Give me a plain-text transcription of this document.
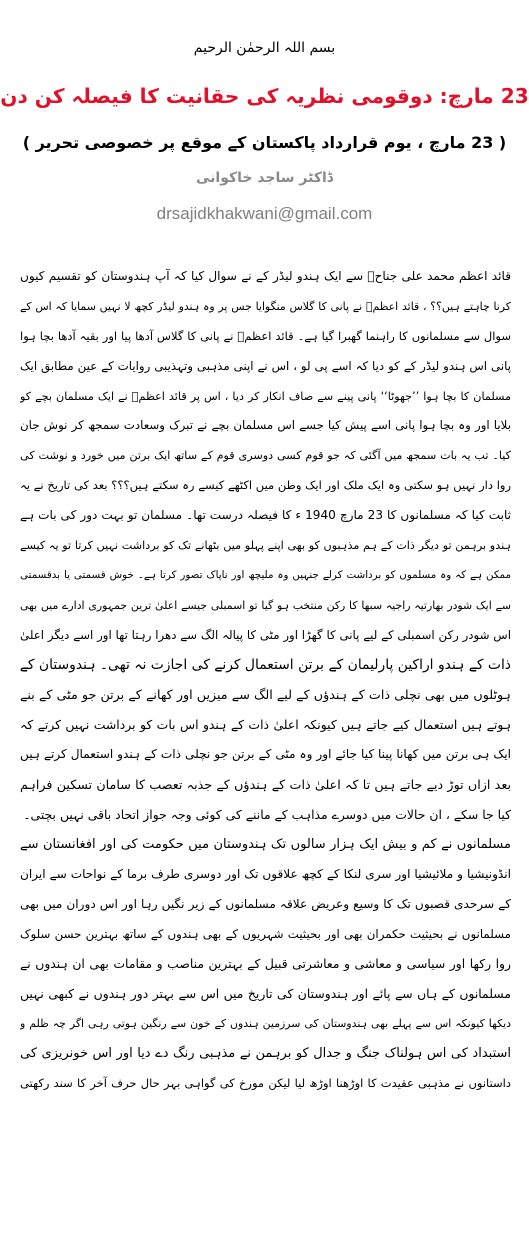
بسم اللہ الرحمٰن الرحیم
23 مارچ: دوقومی نظریہ کی حقانیت کا فیصلہ کن دن
( 23 مارچ ، یوم قرارداد پاکستان کے موقع پر خصوصی تحریر )
ڈاکٹر ساجد خاکوانی
drsajidkhakwani@gmail.com
قائد اعظم محمد علی جناحؒ سے ایک ہندو لیڈر کے نے سوال کیا کہ آپ ہندوستان کو تقسیم کیوں
کرنا چاہتے ہیں؟؟ ، قائد اعظمؒ نے پانی کا گلاس منگوایا جس پر وہ ہندو لیڈر کچھ لا نہیں سمایا کہ اس کے
سوال سے مسلمانوں کا راہنما گھبرا گیا ہے۔ قائد اعظمؒ نے پانی کا گلاس آدھا پیا اور بقیہ آدھا بچا ہوا
پانی اس ہندو لیڈر کے کو دیا کہ اسے پی لو ، اس نے اپنی مذہبی وتہذیبی روایات کے عین مطابق ایک
مسلمان کا بچا ہوا ’’جھوٹا‘‘ پانی پینے سے صاف انکار کر دیا ، اس پر قائد اعظمؒ نے ایک مسلمان بچے کو
بلایا اور وہ بچا ہوا پانی اسے پیش کیا جسے اس مسلمان بچے نے تبرک وسعادت سمجھ کر نوش جان
کیا۔ تب یہ بات سمجھ میں آگئی کہ جو قوم کسی دوسری قوم کے ساتھ ایک برتن میں خورد و نوشت کی
روا دار نہیں ہو سکتی وہ ایک ملک اور ایک وطن میں اکٹھے کیسے رہ سکتے ہیں؟؟؟ بعد کی تاریخ نے یہ
ثابت کیا کہ مسلمانوں کا 23 مارچ 1940 ء کا فیصلہ درست تھا۔ مسلمان تو بہت دور کی بات ہے
ہندو برہمن تو دیگر ذات کے ہم مذہبوں کو بھی اپنے پہلو میں بٹھانے تک کو برداشت نہیں کرتا تو یہ کیسے
ممکن ہے کہ وہ مسلموں کو برداشت کرلے جنہیں وہ ملیچھ اور ناپاک تصور کرتا ہے۔ خوش قسمتی یا بدقسمتی
سے ایک شودر بھارتیہ راجیہ سبھا کا رکن منتخب ہو گیا تو اسمبلی جیسے اعلیٰ ترین جمہوری ادارے میں بھی
اس شودر رکن اسمبلی کے لیے پانی کا گھڑا اور مٹی کا پیالہ الگ سے دھرا رہتا تھا اور اسے دیگر اعلیٰ
ذات کے ہندو اراکین پارلیمان کے برتن استعمال کرنے کی اجازت نہ تھی۔ ہندوستان کے
ہوٹلوں میں بھی نچلی ذات کے ہندؤں کے لیے الگ سے میزیں اور کھانے کے برتن جو مٹی کے بنے
ہوتے ہیں استعمال کیے جاتے ہیں کیونکہ اعلیٰ ذات کے ہندو اس بات کو برداشت نہیں کرتے کہ
ایک ہی برتن میں کھانا پینا کیا جائے اور وہ مٹی کے برتن جو نچلی ذات کے ہندو استعمال کرتے ہیں
بعد ازاں توڑ دیے جاتے ہیں تا کہ اعلیٰ ذات کے ہندؤں کے جذبہ تعصب کا سامان تسکین فراہم
کیا جا سکے ، ان حالات میں دوسرے مذاہب کے ماننے کی کوئی وجہ جواز اتحاد باقی نہیں بچتی۔
مسلمانوں نے کم و بیش ایک ہزار سالوں تک ہندوستان میں حکومت کی اور افغانستان سے
انڈونیشیا و ملائیشیا اور سری لنکا کے کچھ علاقوں تک اور دوسری طرف برما کے نواحات سے ایران
کے سرحدی قصبوں تک کا وسیع وعریض علاقہ مسلمانوں کے زیر نگیں رہا اور اس دوران میں بھی
مسلمانوں نے بحیثیت حکمران بھی اور بحیثیت شہریوں کے بھی ہندوں کے ساتھ بہترین حسن سلوک
روا رکھا اور سیاسی و معاشی و معاشرتی قبیل کے بہترین مناصب و مقامات بھی ان ہندوں نے
مسلمانوں کے ہاں سے پائے اور ہندوستان کی تاریخ میں اس سے بہتر دور ہندوں نے کبھی نہیں
دیکھا کیونکہ اس سے پہلے بھی ہندوستان کی سرزمین ہندوں کے خون سے رنگین ہوتی رہی اگر چہ ظلم و
استبداد کی اس ہولناک جنگ و جدال کو برہمن نے مذہبی رنگ دے دیا اور اس خونریزی کی
داستانوں نے مذہبی عقیدت کا اوڑھنا اوڑھ لیا لیکن مورخ کی گواہی بہر حال حرف آخر کا سند رکھتی
